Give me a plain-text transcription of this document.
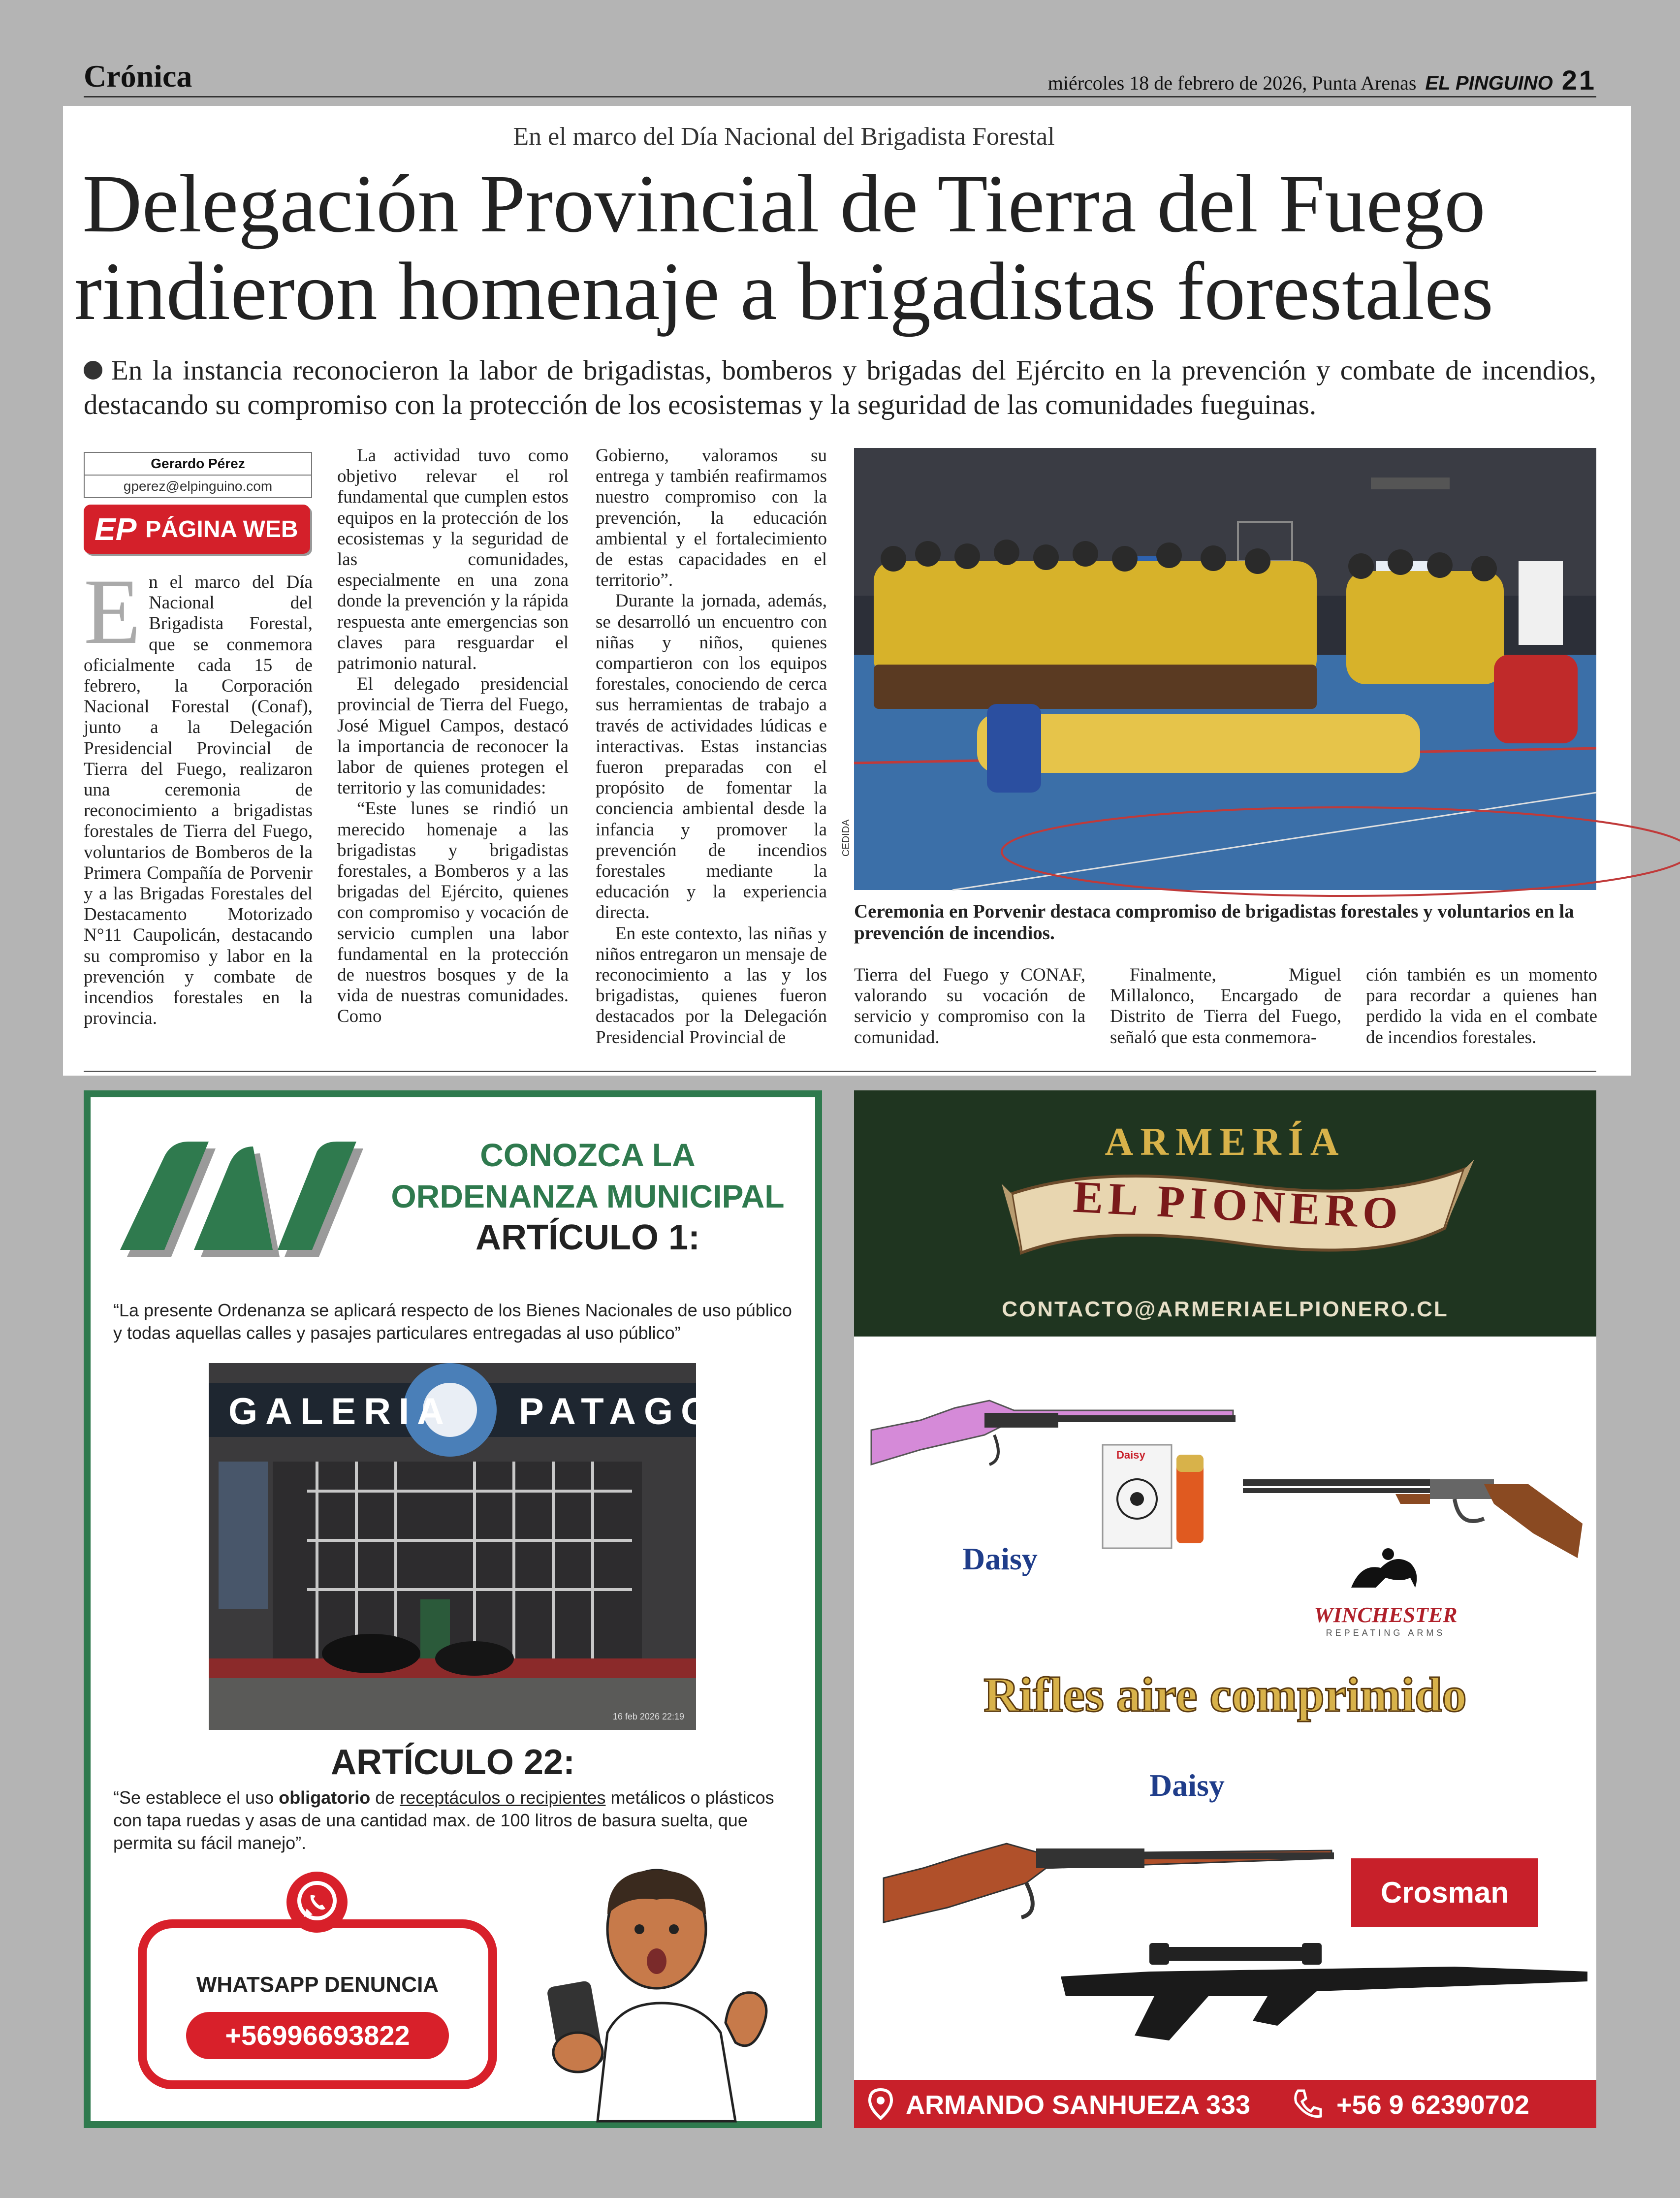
Crónica	miércoles 18 de febrero de 2026, Punta Arenas EL PINGUINO 21
En el marco del Día Nacional del Brigadista Forestal
Delegación Provincial de Tierra del Fuego
rindieron homenaje a brigadistas forestales
En la instancia reconocieron la labor de brigadistas, bomberos y brigadas del Ejército en la prevención y combate de incendios, destacando su compromiso con la protección de los ecosistemas y la seguridad de las comunidades fueguinas.
Gerardo Pérez
gperez@elpinguino.com
EP PÁGINA WEB
E n el marco del Día Nacional del Brigadista Forestal, que se conmemora oficialmente cada 15 de febrero, la Corporación Nacional Forestal (Conaf), junto a la Delegación Presidencial Provincial de Tierra del Fuego, realizaron una ceremonia de reconocimiento a brigadistas forestales de Tierra del Fuego, voluntarios de Bomberos de la Primera Compañía de Porvenir y a las Brigadas Forestales del Destacamento Motorizado N°11 Caupolicán, destacando su compromiso y labor en la prevención y combate de incendios forestales en la provincia.

La actividad tuvo como objetivo relevar el rol fundamental que cumplen estos equipos en la protección de los ecosistemas y la seguridad de las comunidades, especialmente en una zona donde la prevención y la rápida respuesta ante emergencias son claves para resguardar el patrimonio natural.

El delegado presidencial provincial de Tierra del Fuego, José Miguel Campos, destacó la importancia de reconocer la labor de quienes protegen el territorio y las comunidades:

“Este lunes se rindió un merecido homenaje a las brigadistas y brigadistas forestales, a Bomberos y a las brigadas del Ejército, quienes con compromiso y vocación de servicio cumplen una labor fundamental en la protección de nuestros bosques y de la vida de nuestras comunidades. Como

Gobierno, valoramos su entrega y también reafirmamos nuestro compromiso con la prevención, la educación ambiental y el fortalecimiento de estas capacidades en el territorio”.

Durante la jornada, además, se desarrolló un encuentro con niñas y niños, quienes compartieron con los equipos forestales, conociendo de cerca sus herramientas de trabajo a través de actividades lúdicas e interactivas. Estas instancias fueron preparadas con el propósito de fomentar la conciencia ambiental desde la infancia y promover la prevención de incendios forestales mediante la educación y la experiencia directa.

En este contexto, las niñas y niños entregaron un mensaje de reconocimiento a las y los brigadistas, quienes fueron destacados por la Delegación Presidencial Provincial de

CEDIDA
Ceremonia en Porvenir destaca compromiso de brigadistas forestales y voluntarios en la prevención de incendios.

Tierra del Fuego y CONAF, valorando su vocación de servicio y compromiso con la comunidad.

Finalmente, Miguel Millalonco, Encargado de Distrito de Tierra del Fuego, señaló que esta conmemora-

ción también es un momento para recordar a quienes han perdido la vida en el combate de incendios forestales.

CONOZCA LA
ORDENANZA MUNICIPAL
ARTÍCULO 1:
“La presente Ordenanza se aplicará respecto de los Bienes Nacionales de uso público y todas aquellas calles y pasajes particulares entregadas al uso público”
GALERIA PATAGO
16 feb 2026 22:19
ARTÍCULO 22:
“Se establece el uso obligatorio de receptáculos o recipientes metálicos o plásticos con tapa ruedas y asas de una cantidad max. de 100 litros de basura suelta, que permita su fácil manejo”.
WHATSAPP DENUNCIA
+56996693822
ARMERÍA
EL PIONERO
CONTACTO@ARMERIAELPIONERO.CL
Daisy
Daisy
WINCHESTER
REPEATING ARMS
Rifles aire comprimido
Daisy
Crosman
ARMANDO SANHUEZA 333	+56 9 62390702
